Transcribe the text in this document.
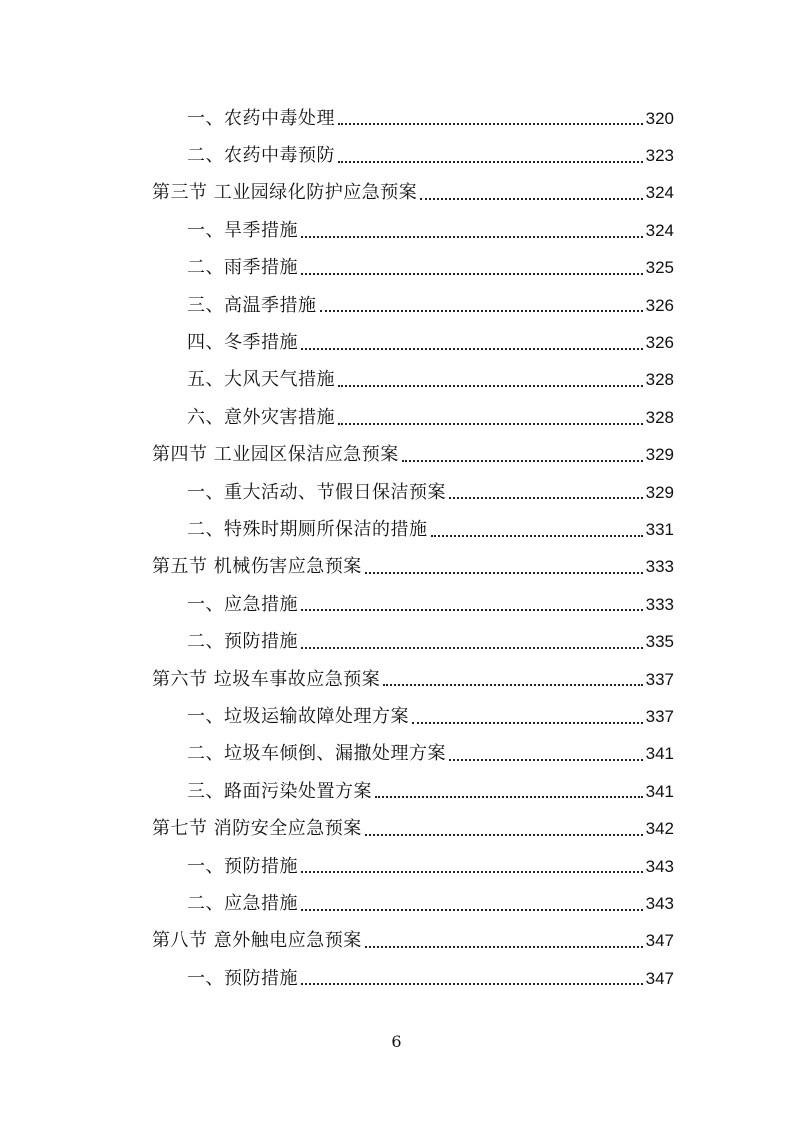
一、农药中毒处理	320
二、农药中毒预防	323
第三节 工业园绿化防护应急预案	324
一、旱季措施	324
二、雨季措施	325
三、高温季措施	326
四、冬季措施	326
五、大风天气措施	328
六、意外灾害措施	328
第四节 工业园区保洁应急预案	329
一、重大活动、节假日保洁预案	329
二、特殊时期厕所保洁的措施	331
第五节 机械伤害应急预案	333
一、应急措施	333
二、预防措施	335
第六节 垃圾车事故应急预案	337
一、垃圾运输故障处理方案	337
二、垃圾车倾倒、漏撒处理方案	341
三、路面污染处置方案	341
第七节 消防安全应急预案	342
一、预防措施	343
二、应急措施	343
第八节 意外触电应急预案	347
一、预防措施	347
6
